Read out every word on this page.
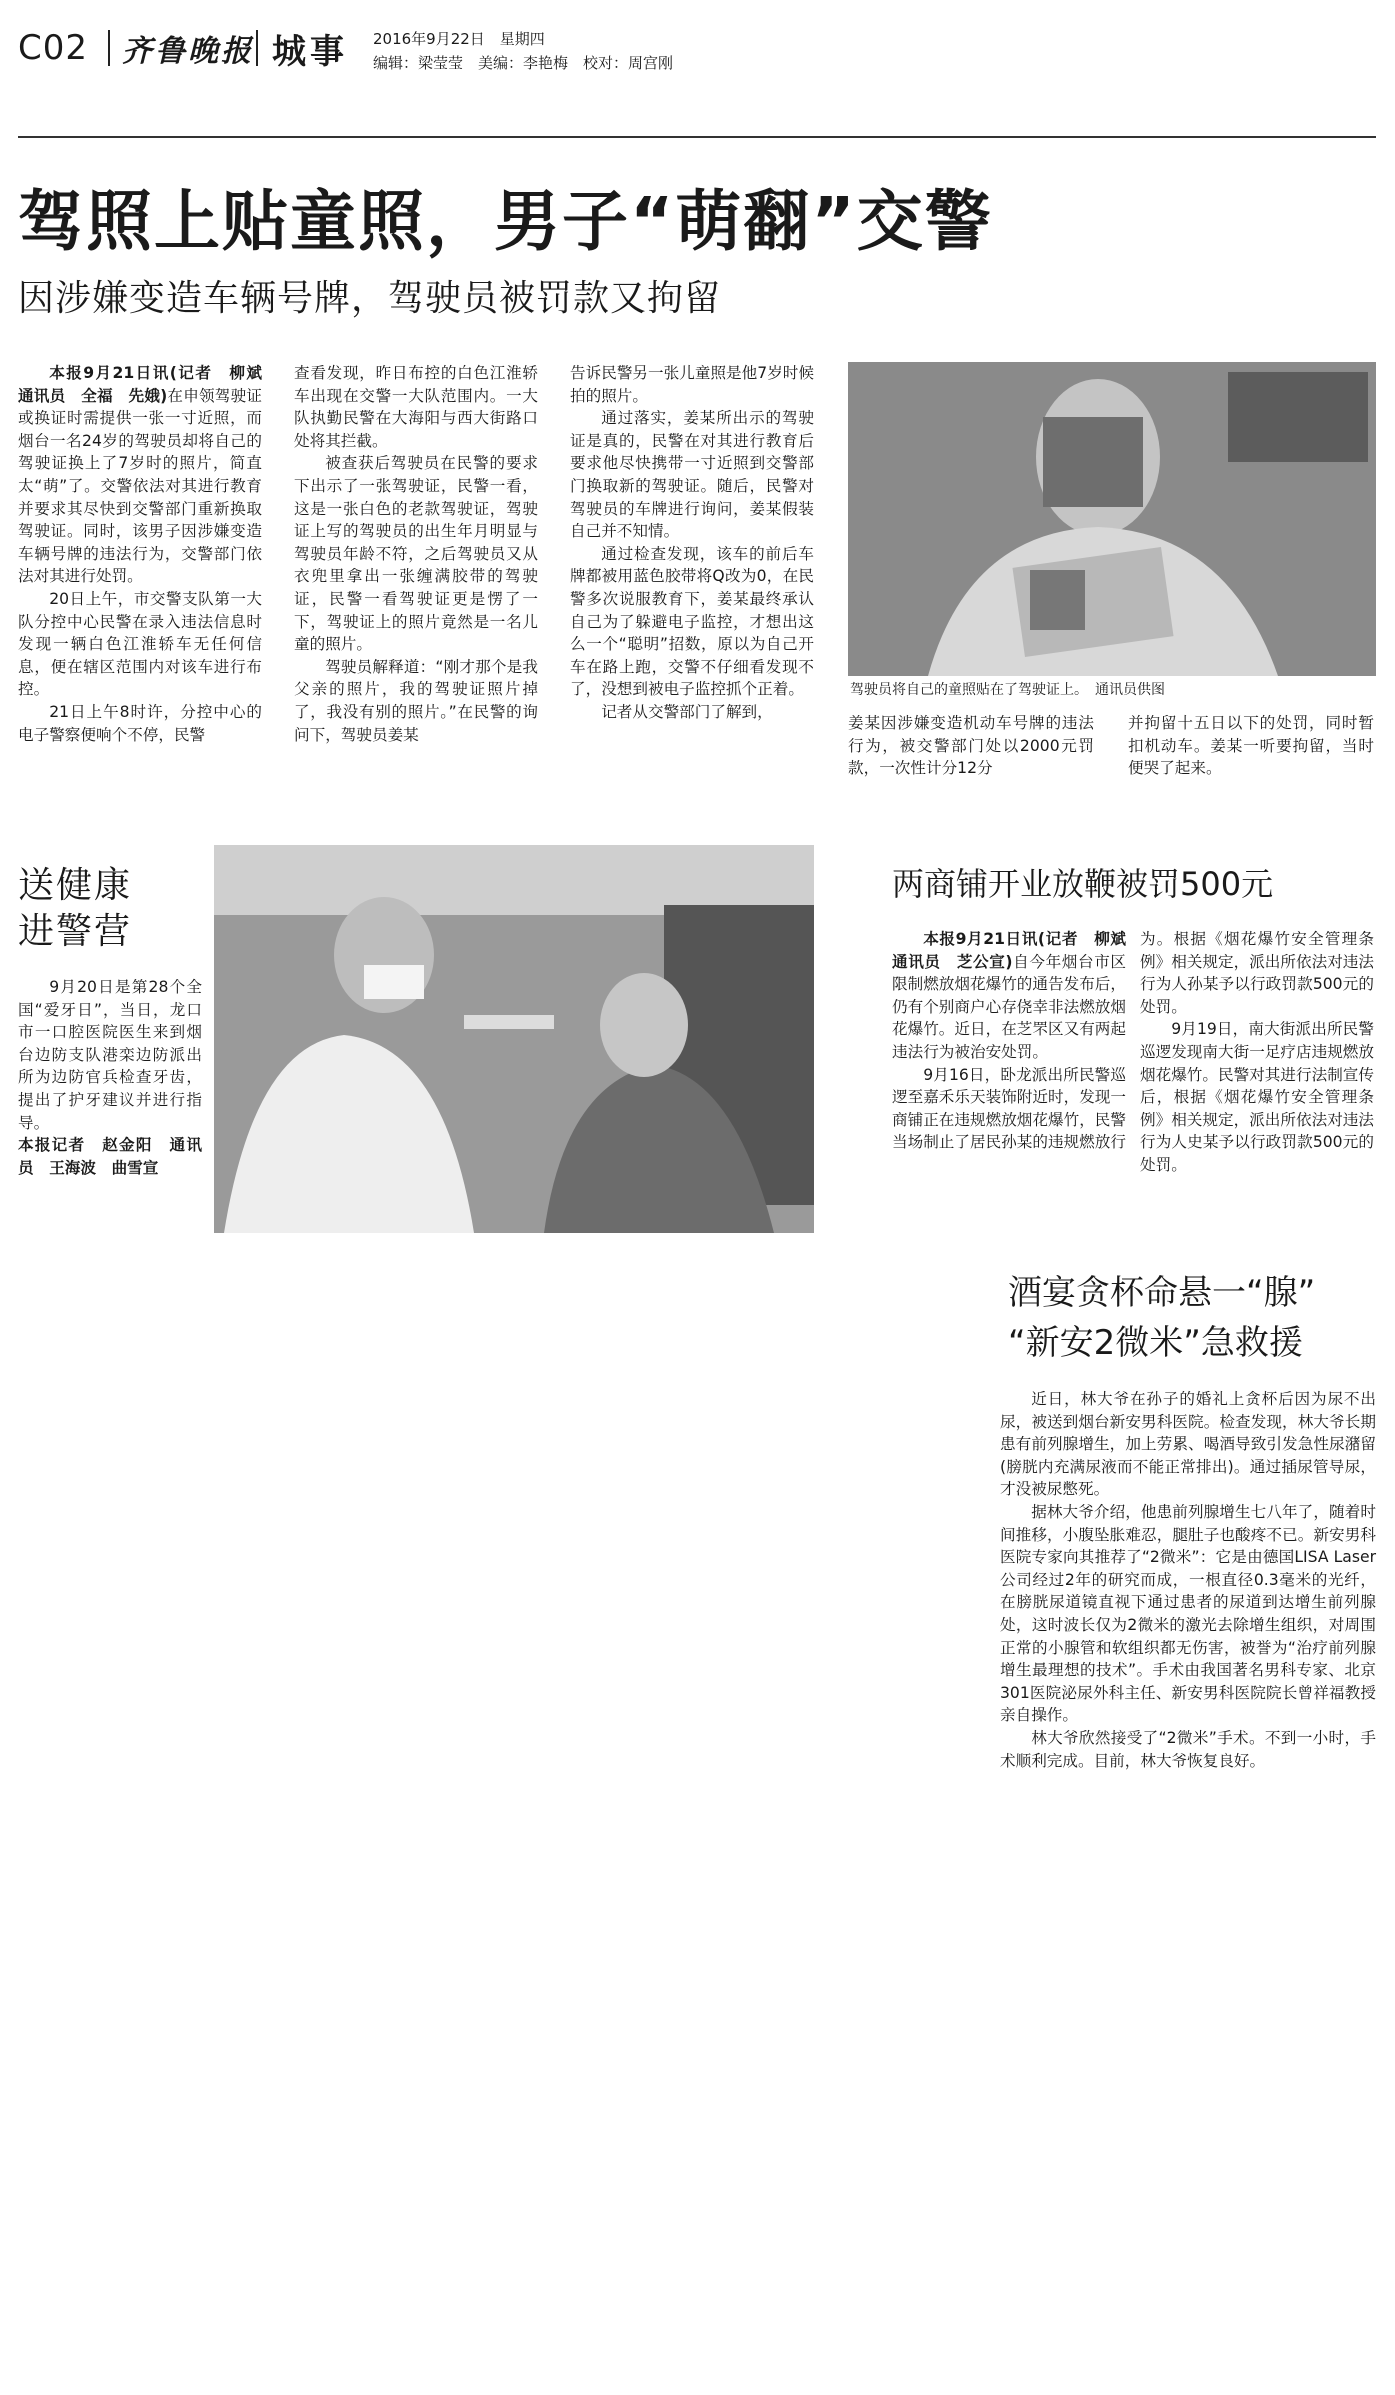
C02 齐鲁晚报 城事 2016年9月22日　星期四
编辑：梁莹莹　美编：李艳梅　校对：周宫刚
驾照上贴童照，男子“萌翻”交警
因涉嫌变造车辆号牌，驾驶员被罚款又拘留

本报9月21日讯(记者　柳斌　通讯员　全福　先娥)在申领驾驶证或换证时需提供一张一寸近照，而烟台一名24岁的驾驶员却将自己的驾驶证换上了7岁时的照片，简直太“萌”了。交警依法对其进行教育并要求其尽快到交警部门重新换取驾驶证。同时，该男子因涉嫌变造车辆号牌的违法行为，交警部门依法对其进行处罚。

20日上午，市交警支队第一大队分控中心民警在录入违法信息时发现一辆白色江淮轿车无任何信息，便在辖区范围内对该车进行布控。

21日上午8时许，分控中心的电子警察便响个不停，民警

查看发现，昨日布控的白色江淮轿车出现在交警一大队范围内。一大队执勤民警在大海阳与西大街路口处将其拦截。

被查获后驾驶员在民警的要求下出示了一张驾驶证，民警一看，这是一张白色的老款驾驶证，驾驶证上写的驾驶员的出生年月明显与驾驶员年龄不符，之后驾驶员又从衣兜里拿出一张缠满胶带的驾驶证，民警一看驾驶证更是愣了一下，驾驶证上的照片竟然是一名儿童的照片。

驾驶员解释道：“刚才那个是我父亲的照片，我的驾驶证照片掉了，我没有别的照片。”在民警的询问下，驾驶员姜某

告诉民警另一张儿童照是他7岁时候拍的照片。

通过落实，姜某所出示的驾驶证是真的，民警在对其进行教育后要求他尽快携带一寸近照到交警部门换取新的驾驶证。随后，民警对驾驶员的车牌进行询问，姜某假装自己并不知情。

通过检查发现，该车的前后车牌都被用蓝色胶带将Q改为0，在民警多次说服教育下，姜某最终承认自己为了躲避电子监控，才想出这么一个“聪明”招数，原以为自己开车在路上跑，交警不仔细看发现不了，没想到被电子监控抓个正着。

记者从交警部门了解到，

驾驶员将自己的童照贴在了驾驶证上。　通讯员供图

姜某因涉嫌变造机动车号牌的违法行为，被交警部门处以2000元罚款，一次性计分12分

并拘留十五日以下的处罚，同时暂扣机动车。姜某一听要拘留，当时便哭了起来。

送健康
进警营

9月20日是第28个全国“爱牙日”，当日，龙口市一口腔医院医生来到烟台边防支队港栾边防派出所为边防官兵检查牙齿，提出了护牙建议并进行指导。

本报记者　赵金阳　通讯员　王海波　曲雪宣

两商铺开业放鞭被罚500元

本报9月21日讯(记者　柳斌　通讯员　芝公宣)自今年烟台市区限制燃放烟花爆竹的通告发布后，仍有个别商户心存侥幸非法燃放烟花爆竹。近日，在芝罘区又有两起违法行为被治安处罚。

9月16日，卧龙派出所民警巡逻至嘉禾乐天装饰附近时，发现一商铺正在违规燃放烟花爆竹，民警当场制止了居民孙某的违规燃放行

为。根据《烟花爆竹安全管理条例》相关规定，派出所依法对违法行为人孙某予以行政罚款500元的处罚。

9月19日，南大街派出所民警巡逻发现南大街一足疗店违规燃放烟花爆竹。民警对其进行法制宣传后，根据《烟花爆竹安全管理条例》相关规定，派出所依法对违法行为人史某予以行政罚款500元的处罚。

酒宴贪杯命悬一“腺”
“新安2微米”急救援

近日，林大爷在孙子的婚礼上贪杯后因为尿不出尿，被送到烟台新安男科医院。检查发现，林大爷长期患有前列腺增生，加上劳累、喝酒导致引发急性尿潴留(膀胱内充满尿液而不能正常排出)。通过插尿管导尿，才没被尿憋死。

据林大爷介绍，他患前列腺增生七八年了，随着时间推移，小腹坠胀难忍，腿肚子也酸疼不已。新安男科医院专家向其推荐了“2微米”：它是由德国LISA Laser公司经过2年的研究而成，一根直径0.3毫米的光纤，在膀胱尿道镜直视下通过患者的尿道到达增生前列腺处，这时波长仅为2微米的激光去除增生组织，对周围正常的小腺管和软组织都无伤害，被誉为“治疗前列腺增生最理想的技术”。手术由我国著名男科专家、北京301医院泌尿外科主任、新安男科医院院长曾祥福教授亲自操作。

林大爷欣然接受了“2微米”手术。不到一小时，手术顺利完成。目前，林大爷恢复良好。
